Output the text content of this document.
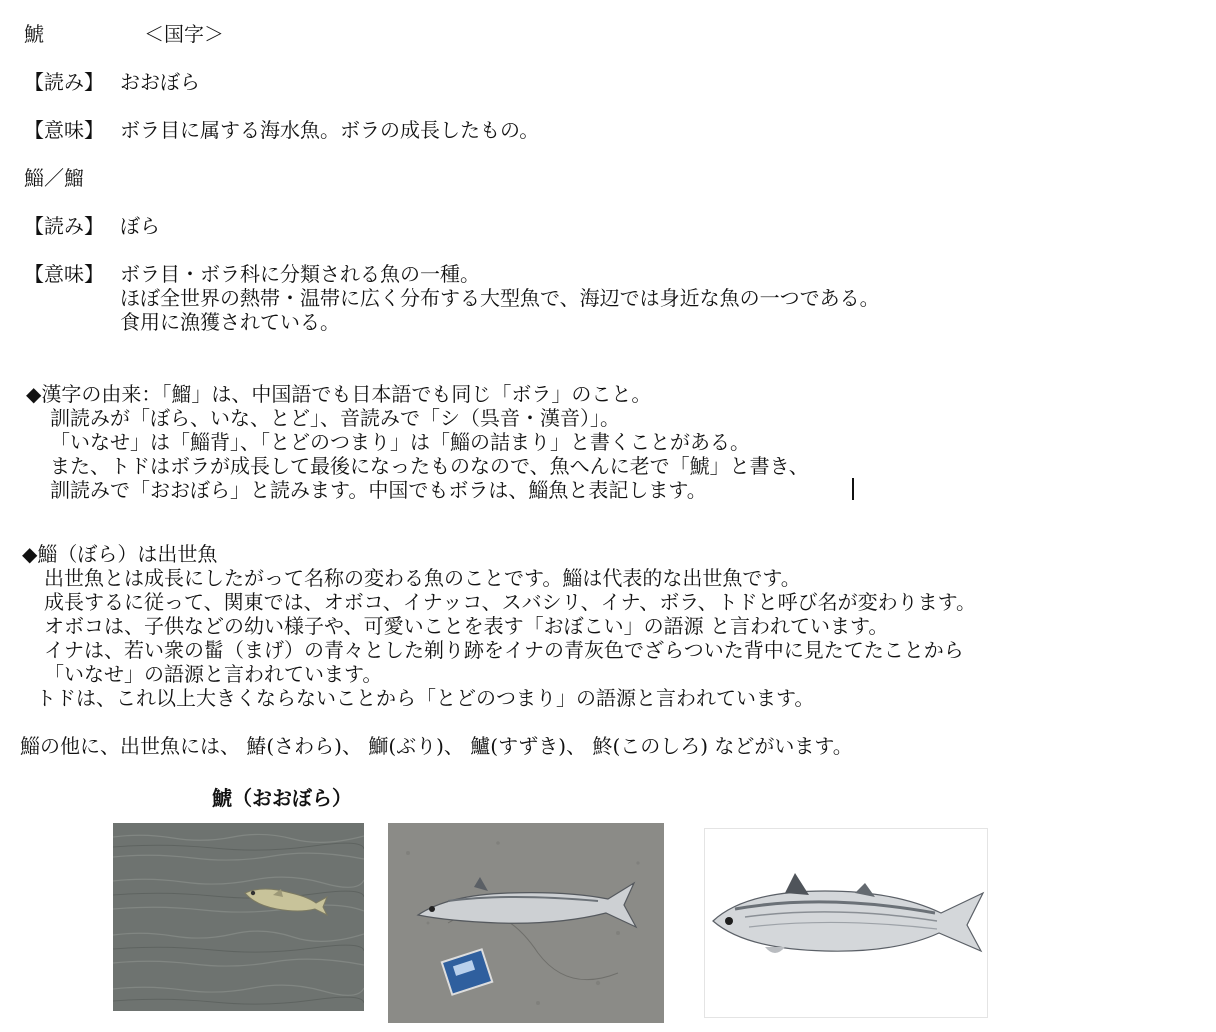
鯱	＜国字＞
【読み】 おおぼら
【意味】 ボラ目に属する海水魚。ボラの成長したもの。
鯔／鰡
【読み】 ぼら
【意味】 ボラ目・ボラ科に分類される魚の一種。
ほぼ全世界の熱帯・温帯に広く分布する大型魚で、海辺では身近な魚の一つである。
食用に漁獲されている。
◆漢字の由来：「鰡」は、中国語でも日本語でも同じ「ボラ」のこと。
訓読みが「ぼら、いな、とど」、音読みで「シ（呉音・漢音）」。
「いなせ」は「鯔背」、「とどのつまり」は「鯔の詰まり」と書くことがある。
また、トドはボラが成長して最後になったものなので、魚へんに老で「鯱」と書き、
訓読みで「おおぼら」と読みます。中国でもボラは、鯔魚と表記します。
◆鯔（ぼら）は出世魚
出世魚とは成長にしたがって名称の変わる魚のことです。鯔は代表的な出世魚です。
成長するに従って、関東では、オボコ、イナッコ、スバシリ、イナ、ボラ、トドと呼び名が変わります。
オボコは、子供などの幼い様子や、可愛いことを表す「おぼこい」の語源 と言われています。
イナは、若い衆の髷（まげ）の青々とした剃り跡をイナの青灰色でざらついた背中に見たてたことから
「いなせ」の語源と言われています。
トドは、これ以上大きくならないことから「とどのつまり」の語源と言われています。
鯔の他に、出世魚には、 鰆(さわら)、 鰤(ぶり)、 鱸(すずき)、 鮗(このしろ) などがいます。
鯱（おおぼら）
